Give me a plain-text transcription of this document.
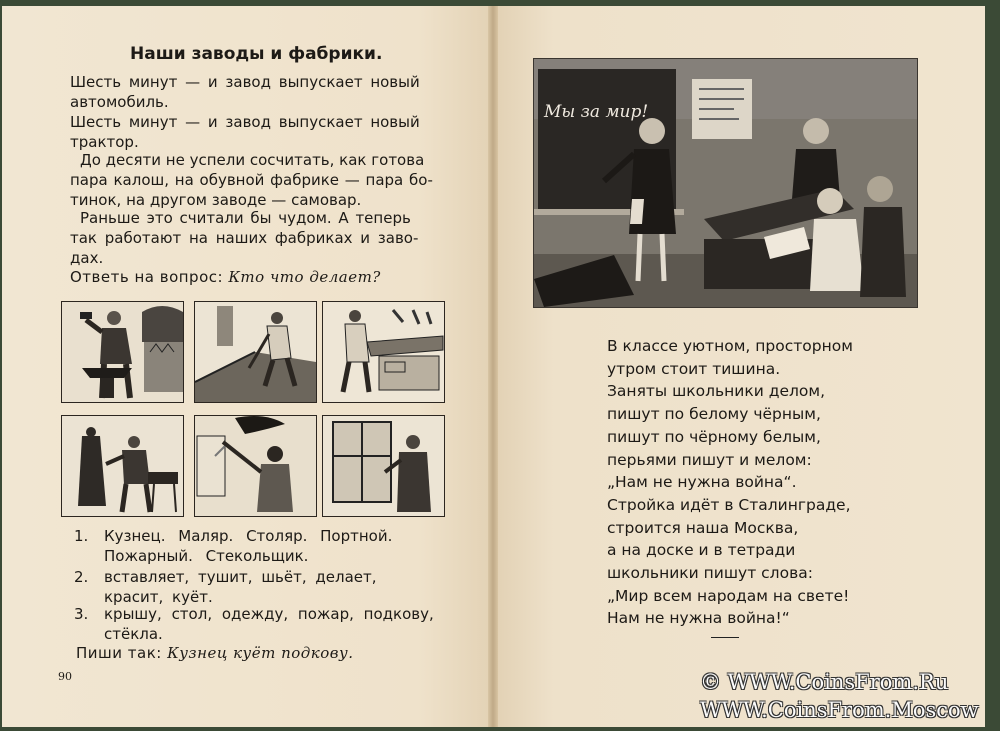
Наши заводы и фабрики.

Шесть минут — и завод выпускает новый
автомобиль.

Шесть минут — и завод выпускает новый
трактор.

До десяти не успели сосчитать, как готова
пара калош, на обувной фабрике — пара бо-
тинок, на другом заводе — самовар.

Раньше это считали бы чудом. А теперь
так работают на наших фабриках и заво-
дах.

Ответь на вопрос: Кто что делает?
1. Кузнец. Маляр. Столяр. Портной. Пожарный. Стекольщик.
2. вставляет, тушит, шьёт, делает, красит, куёт.
3. крышу, стол, одежду, пожар, подкову, стёкла.
Пиши так: Кузнец куёт подкову.
90
Мы за мир!
В классе уютном, просторном
утром стоит тишина.
Заняты школьники делом,
пишут по белому чёрным,
пишут по чёрному белым,
перьями пишут и мелом:
„Нам не нужна война“.
Стройка идёт в Сталинграде,
строится наша Москва,
а на доске и в тетради
школьники пишут слова:
„Мир всем народам на свете!
Нам не нужна война!“
© WWW.CoinsFrom.Ru
WWW.CoinsFrom.Moscow
